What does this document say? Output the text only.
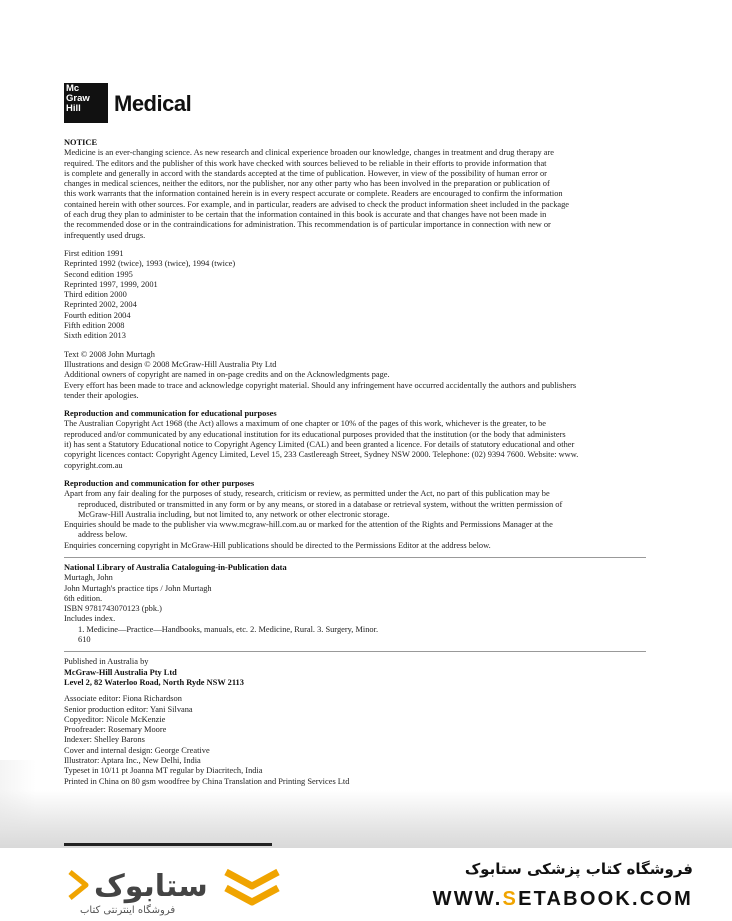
Mc
Graw
Hill	Medical

NOTICE

Medicine is an ever-changing science. As new research and clinical experience broaden our knowledge, changes in treatment and drug therapy are

required. The editors and the publisher of this work have checked with sources believed to be reliable in their efforts to provide information that

is complete and generally in accord with the standards accepted at the time of publication. However, in view of the possibility of human error or

changes in medical sciences, neither the editors, nor the publisher, nor any other party who has been involved in the preparation or publication of

this work warrants that the information contained herein is in every respect accurate or complete. Readers are encouraged to confirm the information

contained herein with other sources. For example, and in particular, readers are advised to check the product information sheet included in the package

of each drug they plan to administer to be certain that the information contained in this book is accurate and that changes have not been made in

the recommended dose or in the contraindications for administration. This recommendation is of particular importance in connection with new or

infrequently used drugs.

First edition 1991

Reprinted 1992 (twice), 1993 (twice), 1994 (twice)

Second edition 1995

Reprinted 1997, 1999, 2001

Third edition 2000

Reprinted 2002, 2004

Fourth edition 2004

Fifth edition 2008

Sixth edition 2013

Text © 2008 John Murtagh

Illustrations and design © 2008 McGraw-Hill Australia Pty Ltd

Additional owners of copyright are named in on-page credits and on the Acknowledgments page.

Every effort has been made to trace and acknowledge copyright material. Should any infringement have occurred accidentally the authors and publishers

tender their apologies.

Reproduction and communication for educational purposes

The Australian Copyright Act 1968 (the Act) allows a maximum of one chapter or 10% of the pages of this work, whichever is the greater, to be

reproduced and/or communicated by any educational institution for its educational purposes provided that the institution (or the body that administers

it) has sent a Statutory Educational notice to Copyright Agency Limited (CAL) and been granted a licence. For details of statutory educational and other

copyright licences contact: Copyright Agency Limited, Level 15, 233 Castlereagh Street, Sydney NSW 2000. Telephone: (02) 9394 7600. Website: www.

copyright.com.au

Reproduction and communication for other purposes

Apart from any fair dealing for the purposes of study, research, criticism or review, as permitted under the Act, no part of this publication may be

reproduced, distributed or transmitted in any form or by any means, or stored in a database or retrieval system, without the written permission of

McGraw-Hill Australia including, but not limited to, any network or other electronic storage.

Enquiries should be made to the publisher via www.mcgraw-hill.com.au or marked for the attention of the Rights and Permissions Manager at the

address below.

Enquiries concerning copyright in McGraw-Hill publications should be directed to the Permissions Editor at the address below.

National Library of Australia Cataloguing-in-Publication data

Murtagh, John

John Murtagh's practice tips / John Murtagh

6th edition.

ISBN 9781743070123 (pbk.)

Includes index.

1. Medicine—Practice—Handbooks, manuals, etc. 2. Medicine, Rural. 3. Surgery, Minor.

610

Published in Australia by

McGraw-Hill Australia Pty Ltd

Level 2, 82 Waterloo Road, North Ryde NSW 2113

Associate editor: Fiona Richardson

Senior production editor: Yani Silvana

Copyeditor: Nicole McKenzie

Proofreader: Rosemary Moore

Indexer: Shelley Barons

Cover and internal design: George Creative

Illustrator: Aptara Inc., New Delhi, India

Typeset in 10/11 pt Joanna MT regular by Diacritech, India

Printed in China on 80 gsm woodfree by China Translation and Printing Services Ltd

ستابوک
فروشگاه اینترنتی کتاب
فروشگاه کتاب پزشکی ستابوک
WWW.SETABOOK.COM
